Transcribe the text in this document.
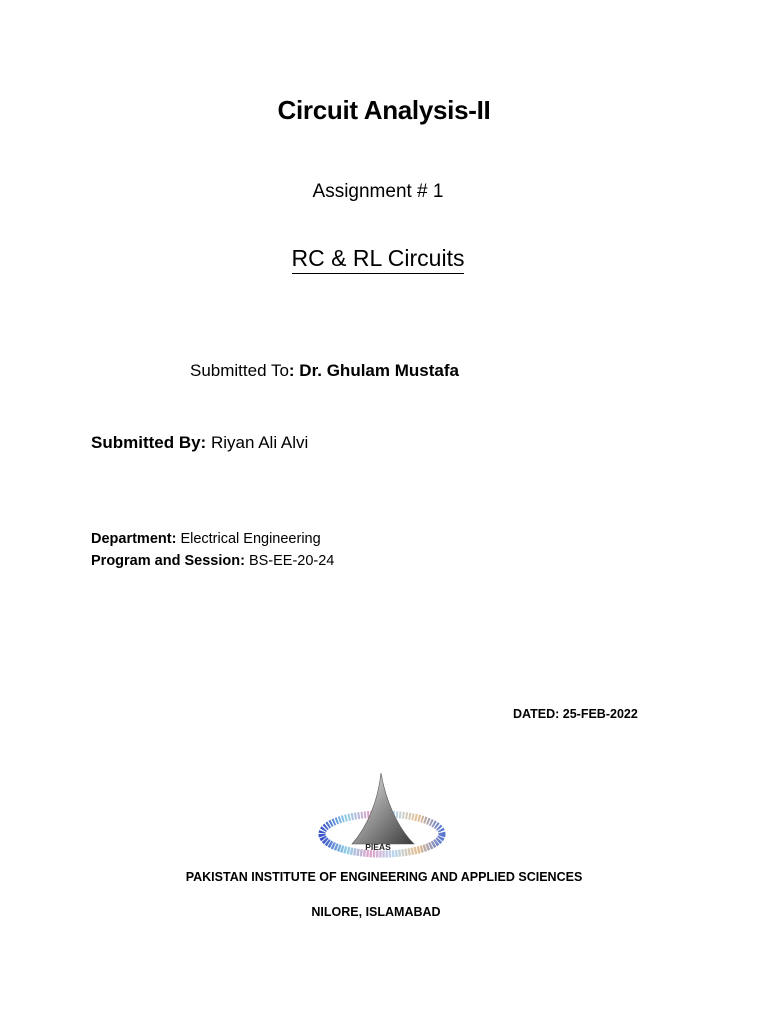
Circuit Analysis-II
Assignment # 1
RC & RL Circuits
Submitted To: Dr. Ghulam Mustafa
Submitted By: Riyan Ali Alvi
Department: Electrical Engineering
Program and Session: BS-EE-20-24
DATED: 25-FEB-2022
PIEAS
PAKISTAN INSTITUTE OF ENGINEERING AND APPLIED SCIENCES
NILORE, ISLAMABAD
